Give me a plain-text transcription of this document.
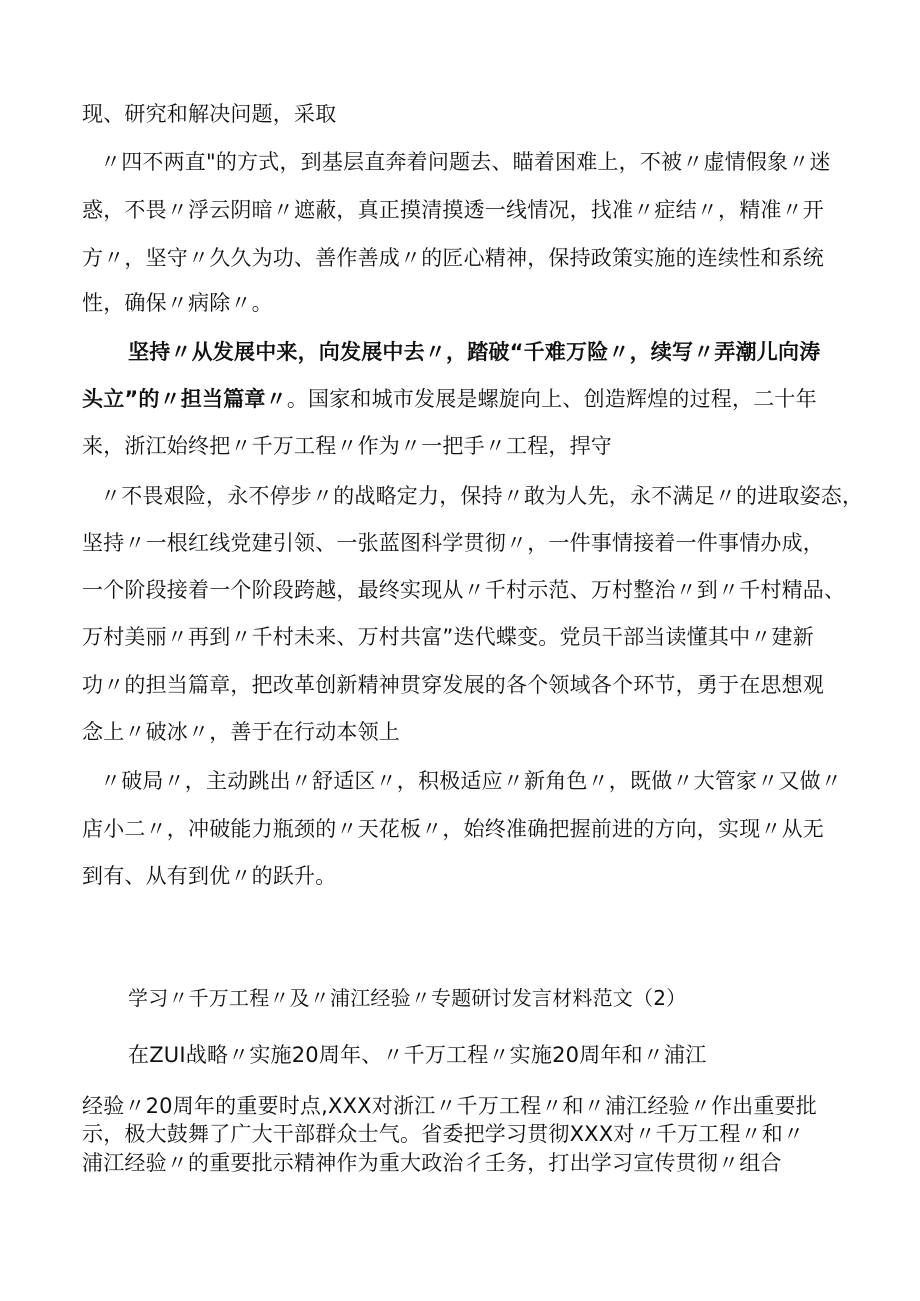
现、研究和解决问题，采取
〃四不两直"的方式，到基层直奔着问题去、瞄着困难上，不被〃虚情假象〃迷
惑，不畏〃浮云阴暗〃遮蔽，真正摸清摸透一线情况，找准〃症结〃，精准〃开
方〃，坚守〃久久为功、善作善成〃的匠心精神，保持政策实施的连续性和系统
性，确保〃病除〃。
坚持〃从发展中来，向发展中去〃，踏破“千难万险〃，续写〃弄潮儿向涛
头立”的〃担当篇章〃。国家和城市发展是螺旋向上、创造辉煌的过程，二十年
来，浙江始终把〃千万工程〃作为〃一把手〃工程，捍守
〃不畏艰险，永不停步〃的战略定力，保持〃敢为人先，永不满足〃的进取姿态，
坚持〃一根红线党建引领、一张蓝图科学贯彻〃，一件事情接着一件事情办成，
一个阶段接着一个阶段跨越，最终实现从〃千村示范、万村整治〃到〃千村精品、
万村美丽〃再到〃千村未来、万村共富”迭代蝶变。党员干部当读懂其中〃建新
功〃的担当篇章，把改革创新精神贯穿发展的各个领域各个环节，勇于在思想观
念上〃破冰〃，善于在行动本领上
〃破局〃，主动跳出〃舒适区〃，积极适应〃新角色〃，既做〃大管家〃又做〃
店小二〃，冲破能力瓶颈的〃天花板〃，始终准确把握前进的方向，实现〃从无
到有、从有到优〃的跃升。
学习〃千万工程〃及〃浦江经验〃专题研讨发言材料范文（2）
在ZUI战略〃实施20周年、〃千万工程〃实施20周年和〃浦江
经验〃20周年的重要时点,XXX对浙江〃千万工程〃和〃浦江经验〃作出重要批
示，极大鼓舞了广大干部群众士气。省委把学习贯彻XXX对〃千万工程〃和〃
浦江经验〃的重要批示精神作为重大政治彳壬务，打出学习宣传贯彻〃组合
